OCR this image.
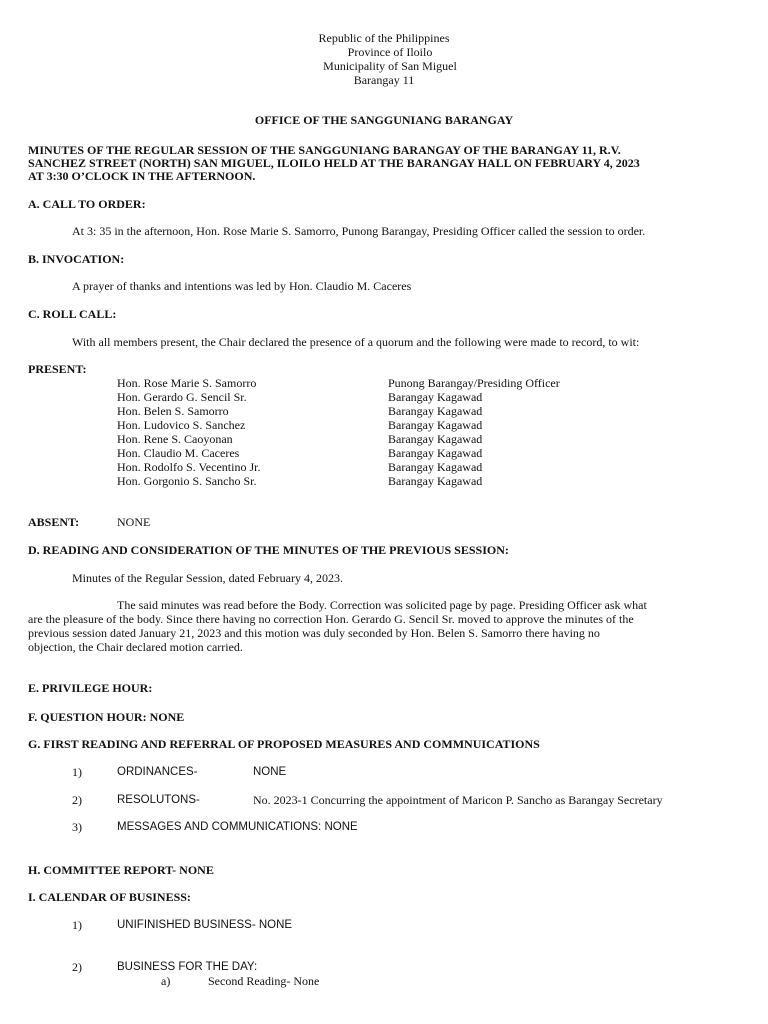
Republic of the Philippines
Province of Iloilo
Municipality of San Miguel
Barangay 11
OFFICE OF THE SANGGUNIANG BARANGAY
MINUTES OF THE REGULAR SESSION OF THE SANGGUNIANG BARANGAY OF THE BARANGAY 11, R.V.
SANCHEZ STREET (NORTH) SAN MIGUEL, ILOILO HELD AT THE BARANGAY HALL ON FEBRUARY 4, 2023
AT 3:30 O’CLOCK IN THE AFTERNOON.
A. CALL TO ORDER:
At 3: 35 in the afternoon, Hon. Rose Marie S. Samorro, Punong Barangay, Presiding Officer called the session to order.
B. INVOCATION:
A prayer of thanks and intentions was led by Hon. Claudio M. Caceres
C. ROLL CALL:
With all members present, the Chair declared the presence of a quorum and the following were made to record, to wit:
PRESENT:
Hon. Rose Marie S. Samorro	Punong Barangay/Presiding Officer
Hon. Gerardo G. Sencil Sr.	Barangay Kagawad
Hon. Belen S. Samorro	Barangay Kagawad
Hon. Ludovico S. Sanchez	Barangay Kagawad
Hon. Rene S. Caoyonan	Barangay Kagawad
Hon. Claudio M. Caceres	Barangay Kagawad
Hon. Rodolfo S. Vecentino Jr.	Barangay Kagawad
Hon. Gorgonio S. Sancho Sr.	Barangay Kagawad
ABSENT:	NONE
D. READING AND CONSIDERATION OF THE MINUTES OF THE PREVIOUS SESSION:
Minutes of the Regular Session, dated February 4, 2023.
The said minutes was read before the Body. Correction was solicited page by page. Presiding Officer ask what
are the pleasure of the body. Since there having no correction Hon. Gerardo G. Sencil Sr. moved to approve the minutes of the
previous session dated January 21, 2023 and this motion was duly seconded by Hon. Belen S. Samorro there having no
objection, the Chair declared motion carried.
E. PRIVILEGE HOUR:
F. QUESTION HOUR: NONE
G. FIRST READING AND REFERRAL OF PROPOSED MEASURES AND COMMNUICATIONS
1)	ORDINANCES-	NONE
2)	RESOLUTONS-	No. 2023-1 Concurring the appointment of Maricon P. Sancho as Barangay Secretary
3)	MESSAGES AND COMMUNICATIONS: NONE
H. COMMITTEE REPORT- NONE
I. CALENDAR OF BUSINESS:
1)	UNIFINISHED BUSINESS- NONE
2)	BUSINESS FOR THE DAY:
a)	Second Reading- None
